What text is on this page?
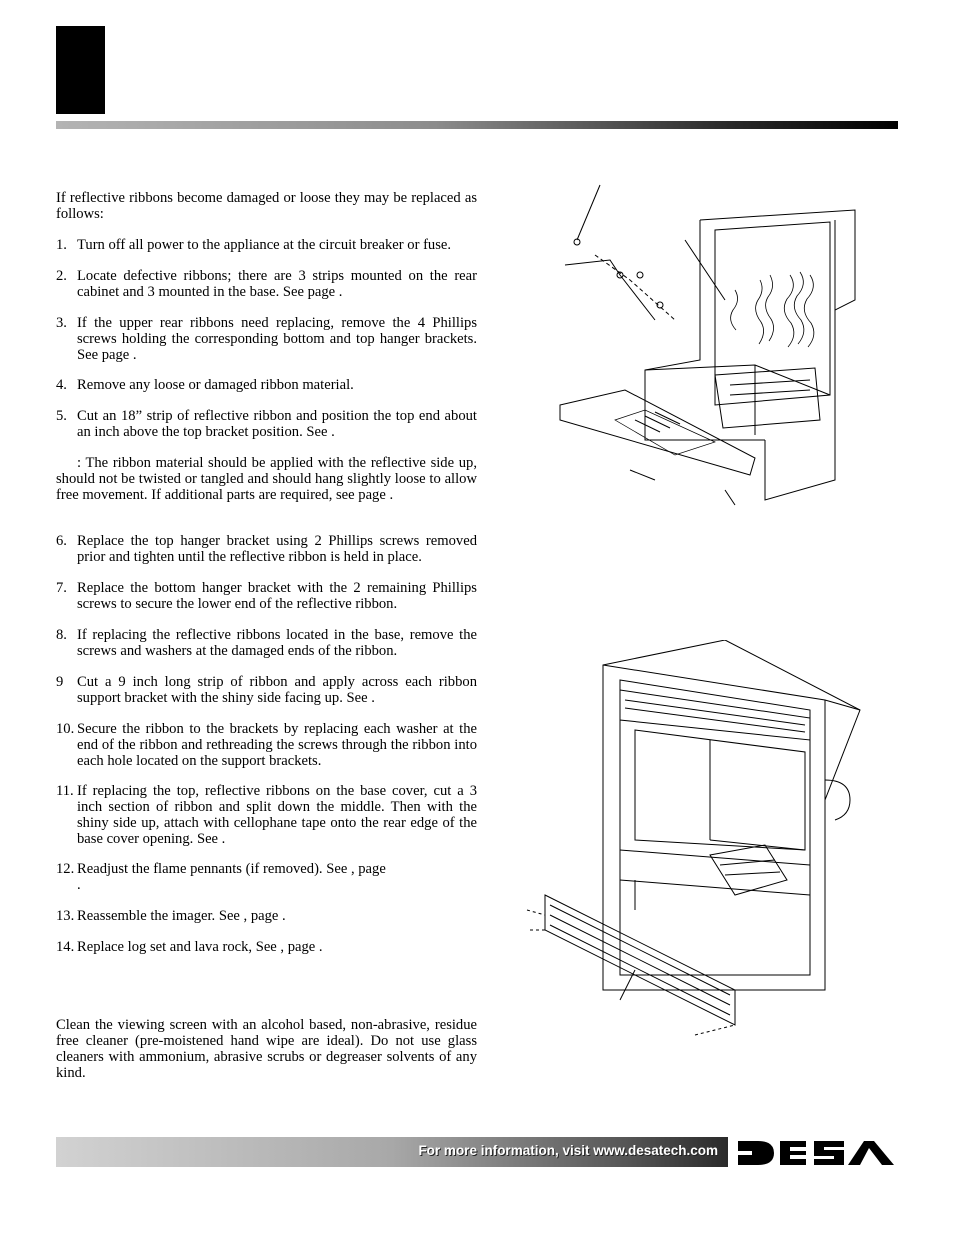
If reflective ribbons become damaged or loose they may be replaced as follows:

1. Turn off all power to the appliance at the circuit breaker or fuse.
2. Locate defective ribbons; there are 3 strips mounted on the rear cabinet and 3 mounted in the base. See page .
3. If the upper rear ribbons need replacing, remove the 4 Phillips screws holding the corresponding bottom and top hanger brackets. See page .
4. Remove any loose or damaged ribbon material.
5. Cut an 18” strip of reflective ribbon and position the top end about an inch above the top bracket position. See .
: The ribbon material should be applied with the reflective side up, should not be twisted or tangled and should hang slightly loose to allow free movement. If additional parts are required, see page .
6. Replace the top hanger bracket using 2 Phillips screws removed prior and tighten until the reflective ribbon is held in place.
7. Replace the bottom hanger bracket with the 2 remaining Phillips screws to secure the lower end of the reflective ribbon.
8. If replacing the reflective ribbons located in the base, remove the screws and washers at the damaged ends of the ribbon.
9 Cut a 9 inch long strip of ribbon and apply across each ribbon support bracket with the shiny side facing up. See .
10. Secure the ribbon to the brackets by replacing each washer at the end of the ribbon and rethreading the screws through the ribbon into each hole located on the support brackets.
11. If replacing the top, reflective ribbons on the base cover, cut a 3 inch section of ribbon and split down the middle. Then with the shiny side up, attach with cellophane tape onto the rear edge of the base cover opening. See .
12. Readjust the flame pennants (if removed). See , page .
13. Reassemble the imager. See , page .
14. Replace log set and lava rock, See , page .

Clean the viewing screen with an alcohol based, non-abrasive, residue free cleaner (pre-moistened hand wipe are ideal). Do not use glass cleaners with ammonium, abrasive scrubs or degreaser solvents of any kind.

For more information, visit www.desatech.com
